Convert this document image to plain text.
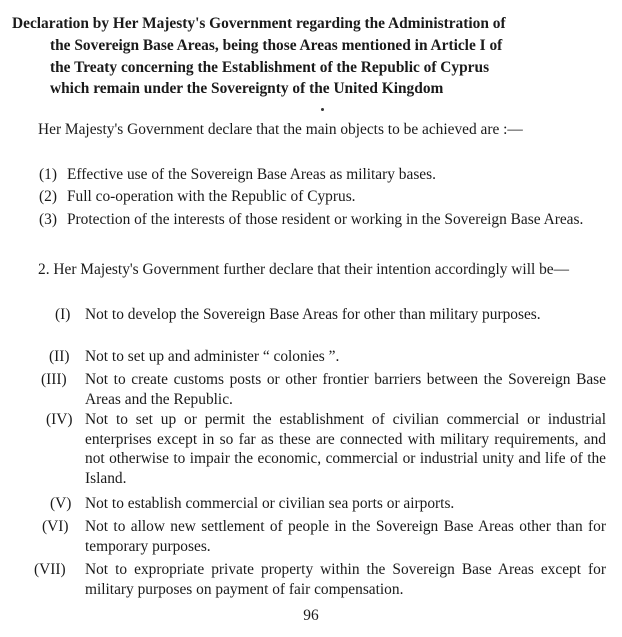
Declaration by Her Majesty's Government regarding the Administration of
the Sovereign Base Areas, being those Areas mentioned in Article I of
the Treaty concerning the Establishment of the Republic of Cyprus
which remain under the Sovereignty of the United Kingdom
Her Majesty's Government declare that the main objects to be achieved are :—
(1) Effective use of the Sovereign Base Areas as military bases.
(2) Full co-operation with the Republic of Cyprus.
(3) Protection of the interests of those resident or working in the Sovereign Base Areas.
2. Her Majesty's Government further declare that their intention accordingly will be—
(I) Not to develop the Sovereign Base Areas for other than military purposes.
(II)	Not to set up and administer “ colonies ”.
(III)	Not to create customs posts or other frontier barriers between the Sovereign Base Areas and the Republic.
(IV) Not to set up or permit the establishment of civilian commercial or industrial enterprises except in so far as these are connected with military requirements, and not otherwise to impair the economic, commercial or industrial unity and life of the Island.
(V) Not to establish commercial or civilian sea ports or airports.
(VI)	Not to allow new settlement of people in the Sovereign Base Areas other than for temporary purposes.
(VII)	Not to expropriate private property within the Sovereign Base Areas except for military purposes on payment of fair compensation.
96
